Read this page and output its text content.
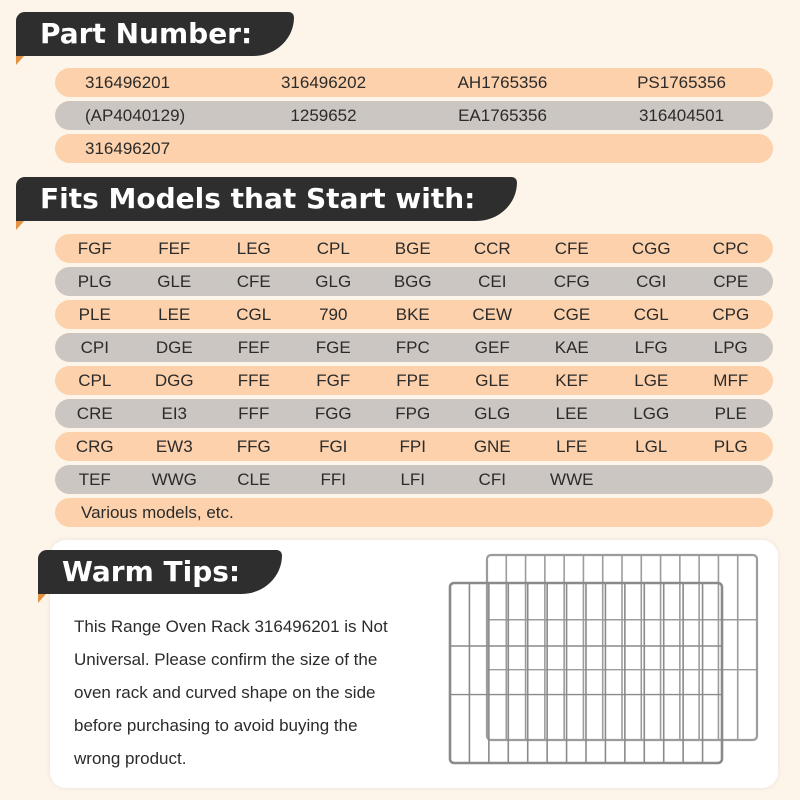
Part Number:
316496201	316496202	AH1765356	PS1765356
(AP4040129)	1259652	EA1765356	316404501
316496207
Fits Models that Start with:
FGF	FEF	LEG	CPL	BGE	CCR	CFE	CGG	CPC
PLG	GLE	CFE	GLG	BGG	CEI	CFG	CGI	CPE
PLE	LEE	CGL	790	BKE	CEW	CGE	CGL	CPG
CPI	DGE	FEF	FGE	FPC	GEF	KAE	LFG	LPG
CPL	DGG	FFE	FGF	FPE	GLE	KEF	LGE	MFF
CRE	EI3	FFF	FGG	FPG	GLG	LEE	LGG	PLE
CRG	EW3	FFG	FGI	FPI	GNE	LFE	LGL	PLG
TEF	WWG	CLE	FFI	LFI	CFI	WWE
Various models, etc.
Warm Tips:
This Range Oven Rack 316496201 is Not
Universal. Please confirm the size of the
oven rack and curved shape on the side
before purchasing to avoid buying the
wrong product.
